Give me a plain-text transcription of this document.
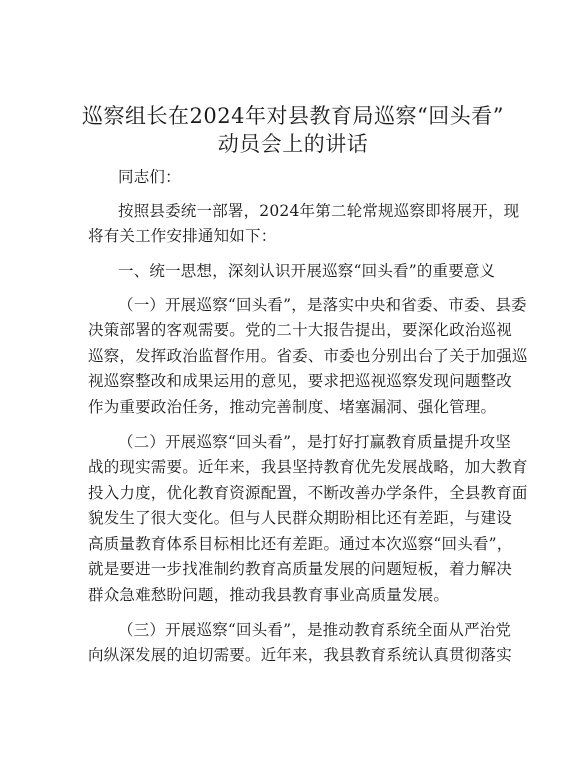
巡察组长在2024年对县教育局巡察“回头看”
动员会上的讲话
同志们：
按照县委统一部署，2024年第二轮常规巡察即将展开，现
将有关工作安排通知如下：
一、统一思想，深刻认识开展巡察“回头看”的重要意义
（一）开展巡察“回头看”，是落实中央和省委、市委、县委
决策部署的客观需要。党的二十大报告提出，要深化政治巡视
巡察，发挥政治监督作用。省委、市委也分别出台了关于加强巡
视巡察整改和成果运用的意见，要求把巡视巡察发现问题整改
作为重要政治任务，推动完善制度、堵塞漏洞、强化管理。
（二）开展巡察“回头看”，是打好打赢教育质量提升攻坚
战的现实需要。近年来，我县坚持教育优先发展战略，加大教育
投入力度，优化教育资源配置，不断改善办学条件，全县教育面
貌发生了很大变化。但与人民群众期盼相比还有差距，与建设
高质量教育体系目标相比还有差距。通过本次巡察“回头看”，
就是要进一步找准制约教育高质量发展的问题短板，着力解决
群众急难愁盼问题，推动我县教育事业高质量发展。
（三）开展巡察“回头看”，是推动教育系统全面从严治党
向纵深发展的迫切需要。近年来，我县教育系统认真贯彻落实
